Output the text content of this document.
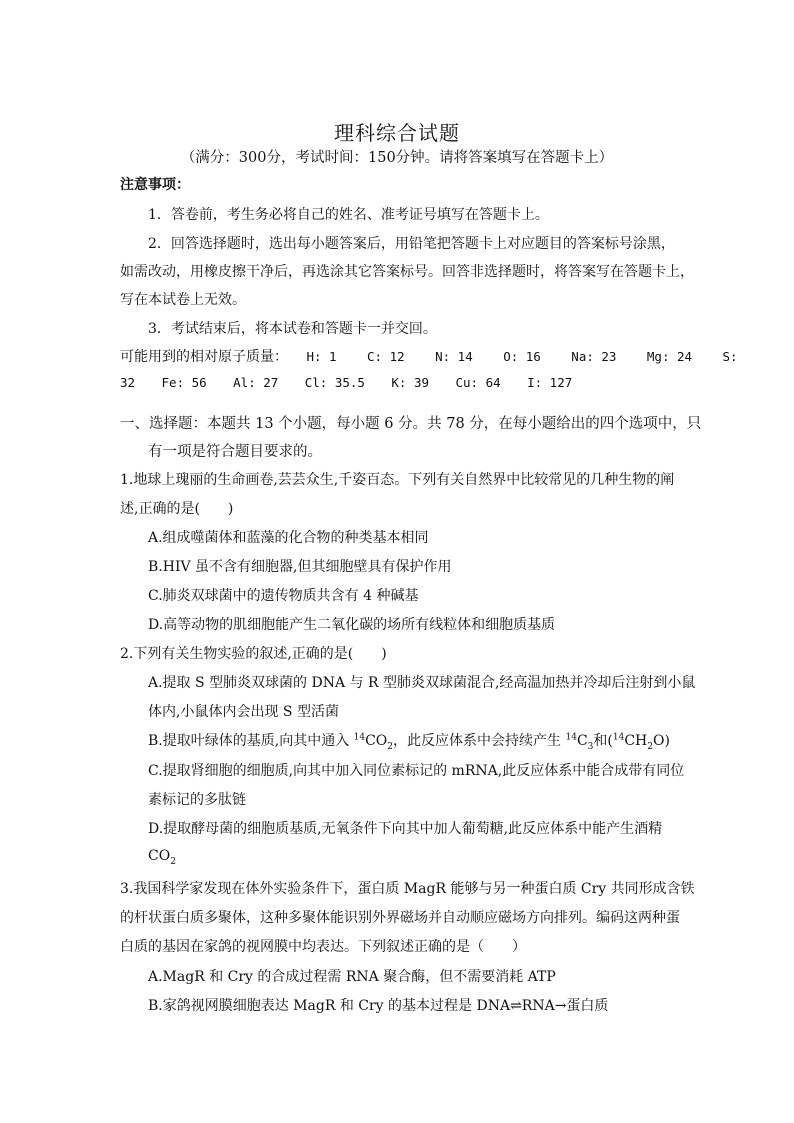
理科综合试题
（满分：300分，考试时间：150分钟。请将答案填写在答题卡上）
注意事项：
1．答卷前，考生务必将自己的姓名、准考证号填写在答题卡上。
2．回答选择题时，选出每小题答案后，用铅笔把答题卡上对应题目的答案标号涂黑，
如需改动，用橡皮擦干净后，再选涂其它答案标号。回答非选择题时，将答案写在答题卡上，
写在本试卷上无效。
3．考试结束后，将本试卷和答题卡一并交回。
可能用到的相对原子质量： H: 1 C: 12 N: 14 O: 16 Na: 23 Mg: 24 S:
32 Fe: 56 Al: 27 Cl: 35.5 K: 39 Cu: 64 I: 127
一、选择题：本题共 13 个小题，每小题 6 分。共 78 分，在每小题给出的四个选项中，只
有一项是符合题目要求的。
1.地球上瑰丽的生命画卷,芸芸众生,千姿百态。下列有关自然界中比较常见的几种生物的阐
述,正确的是(　　)
A.组成噬菌体和蓝藻的化合物的种类基本相同
B.HIV 虽不含有细胞器,但其细胞壁具有保护作用
C.肺炎双球菌中的遗传物质共含有 4 种碱基
D.高等动物的肌细胞能产生二氧化碳的场所有线粒体和细胞质基质
2.下列有关生物实验的叙述,正确的是(　　)
A.提取 S 型肺炎双球菌的 DNA 与 R 型肺炎双球菌混合,经高温加热并冷却后注射到小鼠
体内,小鼠体内会出现 S 型活菌
B.提取叶绿体的基质,向其中通入 $^{14}CO_2$，此反应体系中会持续产生 $^{14}C_3$和$(^{14}CH_2O)$
C.提取肾细胞的细胞质,向其中加入同位素标记的 mRNA,此反应体系中能合成带有同位
素标记的多肽链
D.提取酵母菌的细胞质基质,无氧条件下向其中加人葡萄糖,此反应体系中能产生酒精
$CO_2$
3.我国科学家发现在体外实验条件下，蛋白质 MagR 能够与另一种蛋白质 Cry 共同形成含铁
的杆状蛋白质多聚体，这种多聚体能识别外界磁场并自动顺应磁场方向排列。编码这两种蛋
白质的基因在家鸽的视网膜中均表达。下列叙述正确的是（　　）
A.MagR 和 Cry 的合成过程需 RNA 聚合酶，但不需要消耗 ATP
B.家鸽视网膜细胞表达 MagR 和 Cry 的基本过程是 DNA⇌RNA→蛋白质
